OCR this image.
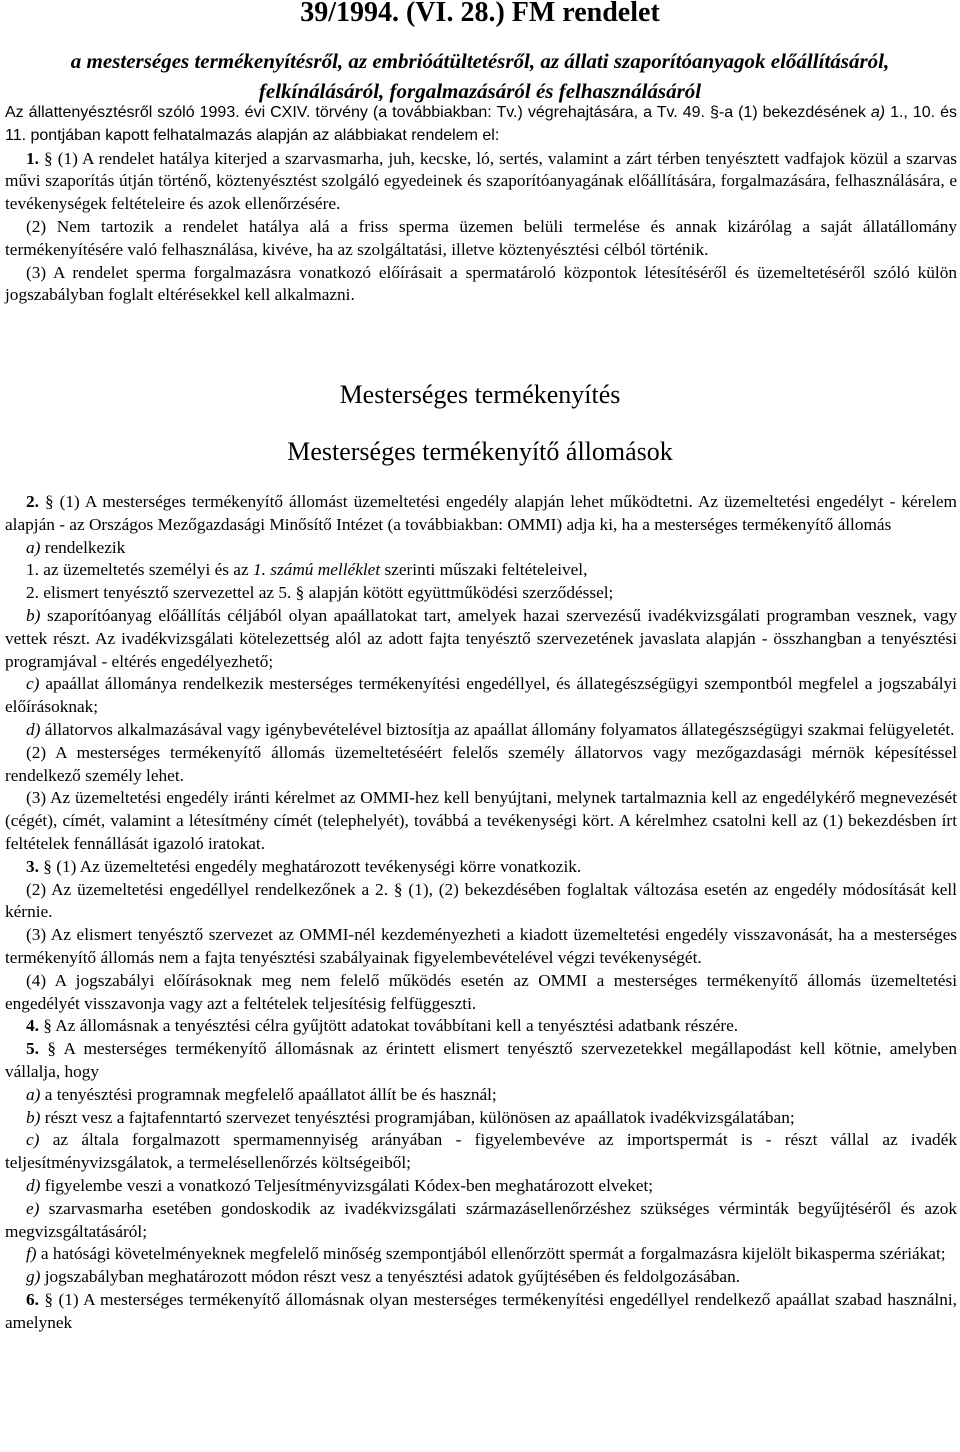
39/1994. (VI. 28.) FM rendelet
a mesterséges termékenyítésről, az embrióátültetésről, az állati szaporítóanyagok előállításáról,
felkínálásáról, forgalmazásáról és felhasználásáról

Az állattenyésztésről szóló 1993. évi CXIV. törvény (a továbbiakban: Tv.) végrehajtására, a Tv. 49. §-a (1) bekezdésének a) 1., 10. és 11. pontjában kapott felhatalmazás alapján az alábbiakat rendelem el:

1. § (1) A rendelet hatálya kiterjed a szarvasmarha, juh, kecske, ló, sertés, valamint a zárt térben tenyésztett vadfajok közül a szarvas művi szaporítás útján történő, köztenyésztést szolgáló egyedeinek és szaporítóanyagának előállítására, forgalmazására, felhasználására, e tevékenységek feltételeire és azok ellenőrzésére.

(2) Nem tartozik a rendelet hatálya alá a friss sperma üzemen belüli termelése és annak kizárólag a saját állatállomány termékenyítésére való felhasználása, kivéve, ha az szolgáltatási, illetve köztenyésztési célból történik.

(3) A rendelet sperma forgalmazásra vonatkozó előírásait a spermatároló központok létesítéséről és üzemeltetéséről szóló külön jogszabályban foglalt eltérésekkel kell alkalmazni.

Mesterséges termékenyítés
Mesterséges termékenyítő állomások

2. § (1) A mesterséges termékenyítő állomást üzemeltetési engedély alapján lehet működtetni. Az üzemeltetési engedélyt - kérelem alapján - az Országos Mezőgazdasági Minősítő Intézet (a továbbiakban: OMMI) adja ki, ha a mesterséges termékenyítő állomás

a) rendelkezik

1. az üzemeltetés személyi és az 1. számú melléklet szerinti műszaki feltételeivel,

2. elismert tenyésztő szervezettel az 5. § alapján kötött együttműködési szerződéssel;

b) szaporítóanyag előállítás céljából olyan apaállatokat tart, amelyek hazai szervezésű ivadékvizsgálati programban vesznek, vagy vettek részt. Az ivadékvizsgálati kötelezettség alól az adott fajta tenyésztő szervezetének javaslata alapján - összhangban a tenyésztési programjával - eltérés engedélyezhető;

c) apaállat állománya rendelkezik mesterséges termékenyítési engedéllyel, és állategészségügyi szempontból megfelel a jogszabályi előírásoknak;

d) állatorvos alkalmazásával vagy igénybevételével biztosítja az apaállat állomány folyamatos állategészségügyi szakmai felügyeletét.

(2) A mesterséges termékenyítő állomás üzemeltetéséért felelős személy állatorvos vagy mezőgazdasági mérnök képesítéssel rendelkező személy lehet.

(3) Az üzemeltetési engedély iránti kérelmet az OMMI-hez kell benyújtani, melynek tartalmaznia kell az engedélykérő megnevezését (cégét), címét, valamint a létesítmény címét (telephelyét), továbbá a tevékenységi kört. A kérelmhez csatolni kell az (1) bekezdésben írt feltételek fennállását igazoló iratokat.

3. § (1) Az üzemeltetési engedély meghatározott tevékenységi körre vonatkozik.

(2) Az üzemeltetési engedéllyel rendelkezőnek a 2. § (1), (2) bekezdésében foglaltak változása esetén az engedély módosítását kell kérnie.

(3) Az elismert tenyésztő szervezet az OMMI-nél kezdeményezheti a kiadott üzemeltetési engedély visszavonását, ha a mesterséges termékenyítő állomás nem a fajta tenyésztési szabályainak figyelembevételével végzi tevékenységét.

(4) A jogszabályi előírásoknak meg nem felelő működés esetén az OMMI a mesterséges termékenyítő állomás üzemeltetési engedélyét visszavonja vagy azt a feltételek teljesítésig felfüggeszti.

4. § Az állomásnak a tenyésztési célra gyűjtött adatokat továbbítani kell a tenyésztési adatbank részére.

5. § A mesterséges termékenyítő állomásnak az érintett elismert tenyésztő szervezetekkel megállapodást kell kötnie, amelyben vállalja, hogy

a) a tenyésztési programnak megfelelő apaállatot állít be és használ;

b) részt vesz a fajtafenntartó szervezet tenyésztési programjában, különösen az apaállatok ivadékvizsgálatában;

c) az általa forgalmazott spermamennyiség arányában - figyelembevéve az importspermát is - részt vállal az ivadék teljesítményvizsgálatok, a termelésellenőrzés költségeiből;

d) figyelembe veszi a vonatkozó Teljesítményvizsgálati Kódex-ben meghatározott elveket;

e) szarvasmarha esetében gondoskodik az ivadékvizsgálati származásellenőrzéshez szükséges vérminták begyűjtéséről és azok megvizsgáltatásáról;

f) a hatósági követelményeknek megfelelő minőség szempontjából ellenőrzött spermát a forgalmazásra kijelölt bikasperma szériákat;

g) jogszabályban meghatározott módon részt vesz a tenyésztési adatok gyűjtésében és feldolgozásában.

6. § (1) A mesterséges termékenyítő állomásnak olyan mesterséges termékenyítési engedéllyel rendelkező apaállat szabad használni, amelynek
